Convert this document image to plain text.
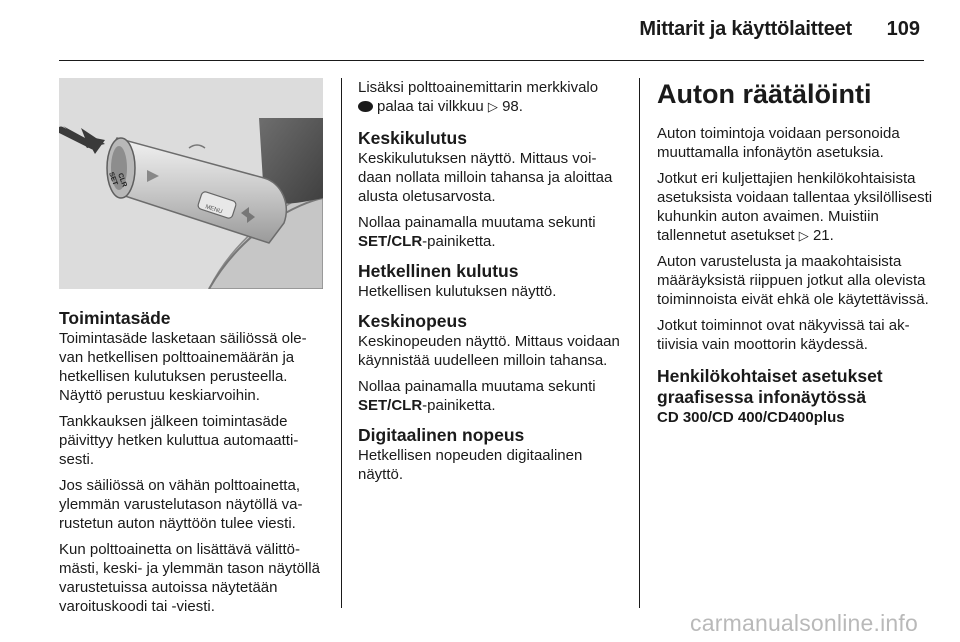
Mittarit ja käyttölaitteet 109
SET
CLR
MENU
Toimintasäde

Toimintasäde lasketaan säiliössä olevan hetkellisen polttoainemäärän ja hetkellisen kulutuksen perusteella. Näyttö perustuu keskiarvoihin.

Tankkauksen jälkeen toimintasäde päivittyy hetken kuluttua automaattisesti.

Jos säiliössä on vähän polttoainetta, ylemmän varustelutason näytöllä varustetun auton näyttöön tulee viesti.

Kun polttoainetta on lisättävä välittömästi, keski- ja ylemmän tason näytöllä varustetuissa autoissa näytetään varoituskoodi tai -viesti.

Lisäksi polttoainemittarin merkkivalo
palaa tai vilkkuu ▷ 98.

Keskikulutus

Keskikulutuksen näyttö. Mittaus voidaan nollata milloin tahansa ja aloittaa alusta oletusarvosta.

Nollaa painamalla muutama sekunti
SET/CLR-painiketta.

Hetkellinen kulutus

Hetkellisen kulutuksen näyttö.

Keskinopeus

Keskinopeuden näyttö. Mittaus voidaan käynnistää uudelleen milloin tahansa.

Nollaa painamalla muutama sekunti
SET/CLR-painiketta.

Digitaalinen nopeus

Hetkellisen nopeuden digitaalinen näyttö.

Auton räätälöinti

Auton toimintoja voidaan personoida muuttamalla infonäytön asetuksia.

Jotkut eri kuljettajien henkilökohtaisista asetuksista voidaan tallentaa yksilöllisesti kuhunkin auton avaimen. Muistiin tallennetut asetukset ▷ 21.

Auton varustelusta ja maakohtaisista määräyksistä riippuen jotkut alla olevista toiminnoista eivät ehkä ole käytettävissä.

Jotkut toiminnot ovat näkyvissä tai aktiivisia vain moottorin käydessä.

Henkilökohtaiset asetukset graafisessa infonäytössä
CD 300/CD 400/CD400plus
carmanualsonline.info
